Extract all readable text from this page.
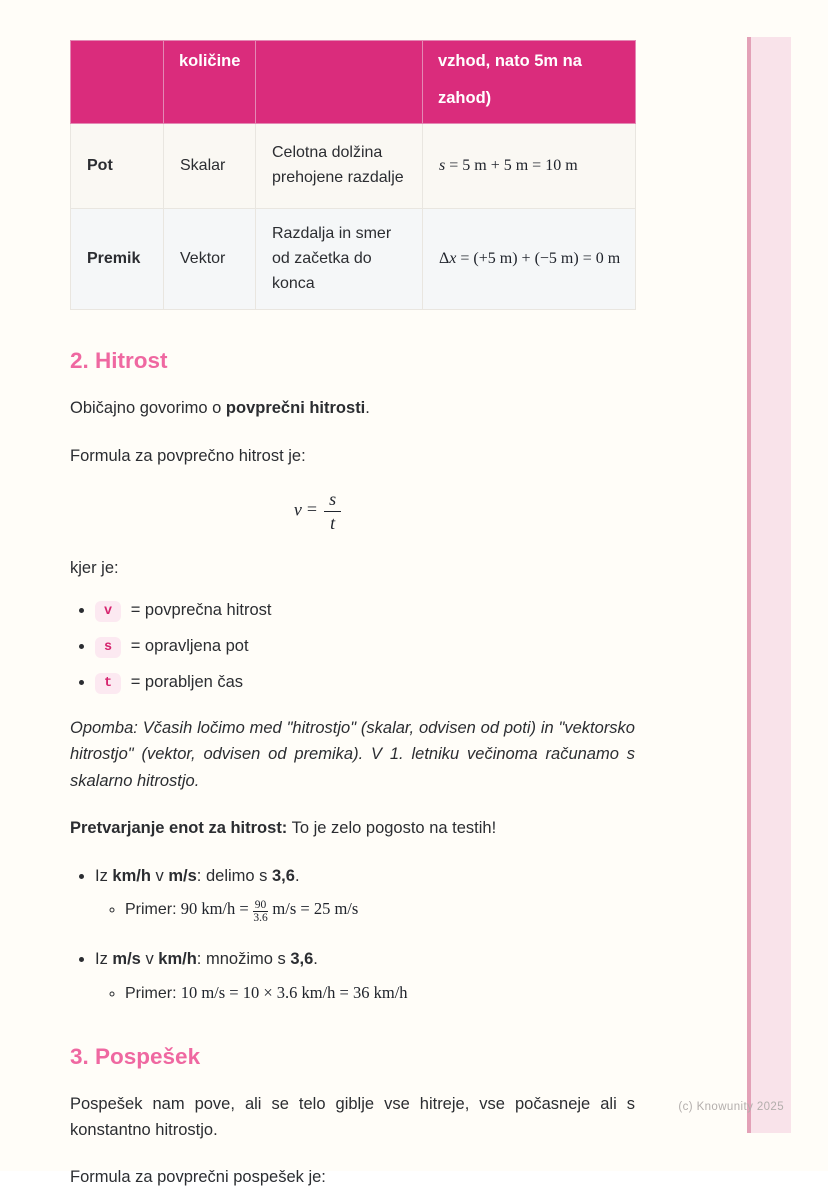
(c) Knowunity 2025
	količine		vzhod, nato 5m na zahod)
Pot	Skalar	Celotna dolžina prehojene razdalje	s = 5 m + 5 m = 10 m
Premik	Vektor	Razdalja in smer od začetka do konca	Δx = (+5 m) + (−5 m) = 0 m
2. Hitrost

Običajno govorimo o povprečni hitrosti.

Formula za povprečno hitrost je:

$v = \frac{s}{t}$

kjer je:

• v = povprečna hitrost
• s = opravljena pot
• t = porabljen čas

Opomba: Včasih ločimo med "hitrostjo" (skalar, odvisen od poti) in "vektorsko hitrostjo" (vektor, odvisen od premika). V 1. letniku večinoma računamo s skalarno hitrostjo.

Pretvarjanje enot za hitrost: To je zelo pogosto na testih!

• Iz km/h v m/s: delimo s 3,6.
◦ Primer: 90 $km/h = \frac{90}{3.6} m/s = 25$ m/s
• Iz m/s v km/h: množimo s 3,6.
◦ Primer: 10 m/s = 10 × 3.6 km/h = 36 km/h
3. Pospešek

Pospešek nam pove, ali se telo giblje vse hitreje, vse počasneje ali s konstantno hitrostjo.

Formula za povprečni pospešek je:
